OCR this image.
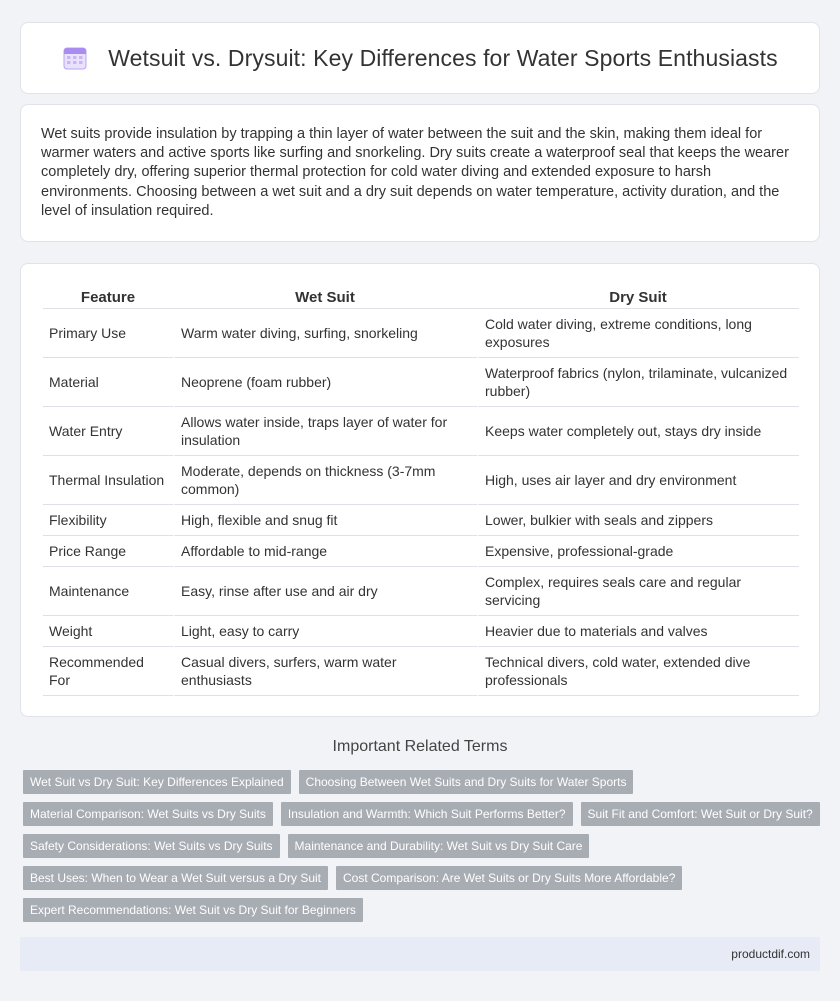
Wetsuit vs. Drysuit: Key Differences for Water Sports Enthusiasts

Wet suits provide insulation by trapping a thin layer of water between the suit and the skin, making them ideal for warmer waters and active sports like surfing and snorkeling. Dry suits create a waterproof seal that keeps the wearer completely dry, offering superior thermal protection for cold water diving and extended exposure to harsh environments. Choosing between a wet suit and a dry suit depends on water temperature, activity duration, and the level of insulation required.

Feature	Wet Suit	Dry Suit
Primary Use	Warm water diving, surfing, snorkeling	Cold water diving, extreme conditions, long exposures
Material	Neoprene (foam rubber)	Waterproof fabrics (nylon, trilaminate, vulcanized rubber)
Water Entry	Allows water inside, traps layer of water for insulation	Keeps water completely out, stays dry inside
Thermal Insulation	Moderate, depends on thickness (3-7mm common)	High, uses air layer and dry environment
Flexibility	High, flexible and snug fit	Lower, bulkier with seals and zippers
Price Range	Affordable to mid-range	Expensive, professional-grade
Maintenance	Easy, rinse after use and air dry	Complex, requires seals care and regular servicing
Weight	Light, easy to carry	Heavier due to materials and valves
Recommended For	Casual divers, surfers, warm water enthusiasts	Technical divers, cold water, extended dive professionals
Important Related Terms
Wet Suit vs Dry Suit: Key Differences Explained	Choosing Between Wet Suits and Dry Suits for Water Sports
Material Comparison: Wet Suits vs Dry Suits	Insulation and Warmth: Which Suit Performs Better?	Suit Fit and Comfort: Wet Suit or Dry Suit?
Safety Considerations: Wet Suits vs Dry Suits	Maintenance and Durability: Wet Suit vs Dry Suit Care
Best Uses: When to Wear a Wet Suit versus a Dry Suit	Cost Comparison: Are Wet Suits or Dry Suits More Affordable?
Expert Recommendations: Wet Suit vs Dry Suit for Beginners
productdif.com
